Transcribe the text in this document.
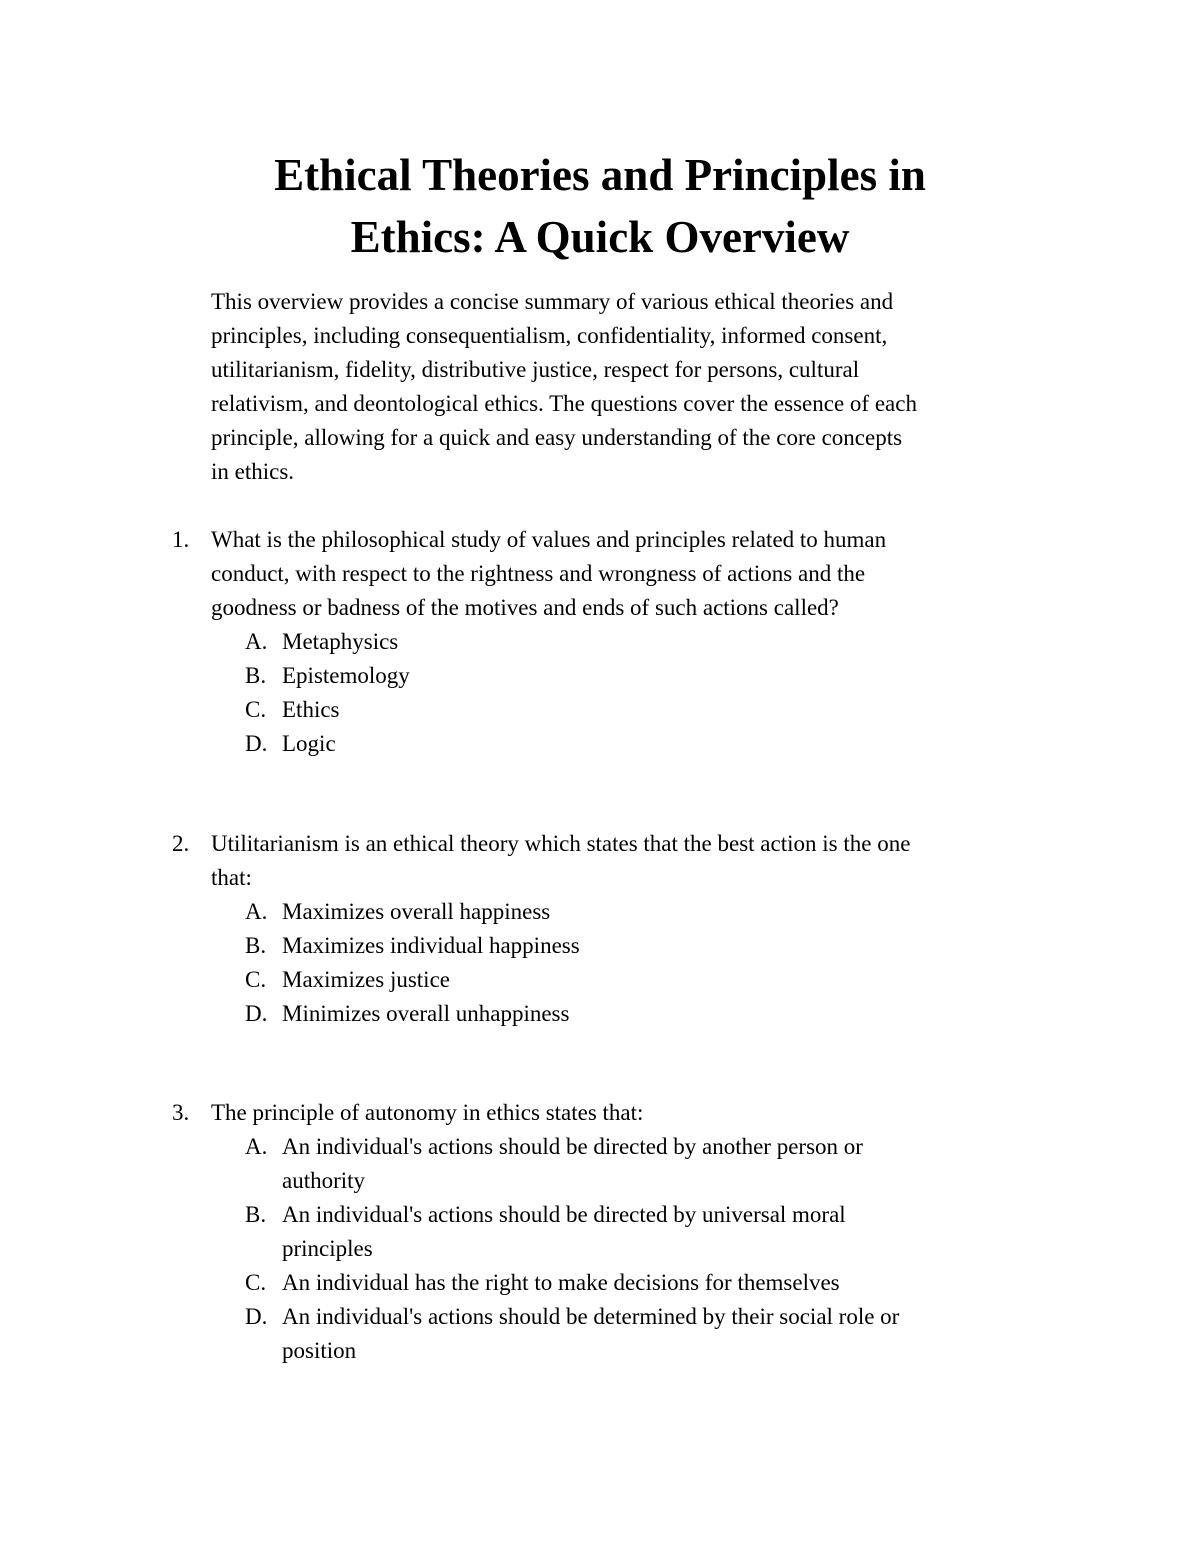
Ethical Theories and Principles in
Ethics: A Quick Overview

This overview provides a concise summary of various ethical theories and
principles, including consequentialism, confidentiality, informed consent,
utilitarianism, fidelity, distributive justice, respect for persons, cultural
relativism, and deontological ethics. The questions cover the essence of each
principle, allowing for a quick and easy understanding of the core concepts
in ethics.

1. What is the philosophical study of values and principles related to human
conduct, with respect to the rightness and wrongness of actions and the
goodness or badness of the motives and ends of such actions called?
A. Metaphysics
B. Epistemology
C. Ethics
D. Logic
2. Utilitarianism is an ethical theory which states that the best action is the one
that:
A. Maximizes overall happiness
B. Maximizes individual happiness
C. Maximizes justice
D. Minimizes overall unhappiness
3. The principle of autonomy in ethics states that:
A. An individual's actions should be directed by another person or
authority
B. An individual's actions should be directed by universal moral
principles
C. An individual has the right to make decisions for themselves
D. An individual's actions should be determined by their social role or
position
